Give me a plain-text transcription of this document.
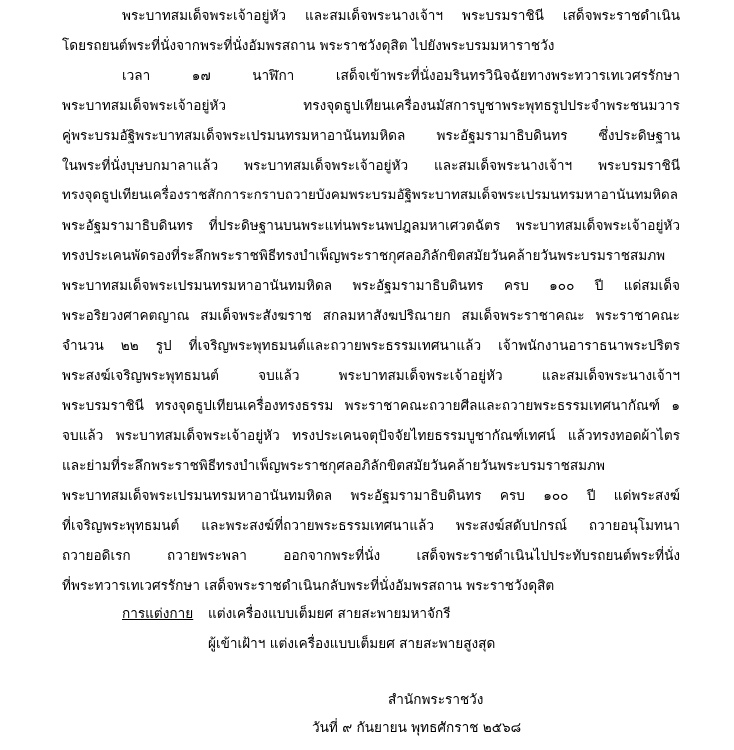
พระบาทสมเด็จพระเจ้าอยู่หัว และสมเด็จพระนางเจ้าฯ พระบรมราชินี เสด็จพระราชดำเนิน
โดยรถยนต์พระที่นั่งจากพระที่นั่งอัมพรสถาน พระราชวังดุสิต ไปยังพระบรมมหาราชวัง
เวลา ๑๗ นาฬิกา เสด็จเข้าพระที่นั่งอมรินทรวินิจฉัยทางพระทวารเทเวศรรักษา
พระบาทสมเด็จพระเจ้าอยู่หัว ทรงจุดธูปเทียนเครื่องนมัสการบูชาพระพุทธรูปประจำพระชนมวาร
คู่พระบรมอัฐิพระบาทสมเด็จพระเปรมนทรมหาอานันทมหิดล พระอัฐมรามาธิบดินทร ซึ่งประดิษฐาน
ในพระที่นั่งบุษบกมาลาแล้ว พระบาทสมเด็จพระเจ้าอยู่หัว และสมเด็จพระนางเจ้าฯ พระบรมราชินี
ทรงจุดธูปเทียนเครื่องราชสักการะกราบถวายบังคมพระบรมอัฐิพระบาทสมเด็จพระเปรมนทรมหาอานันทมหิดล
พระอัฐมรามาธิบดินทร ที่ประดิษฐานบนพระแท่นพระนพปฎลมหาเศวตฉัตร พระบาทสมเด็จพระเจ้าอยู่หัว
ทรงประเคนพัดรองที่ระลึกพระราชพิธีทรงบำเพ็ญพระราชกุศลอภิลักขิตสมัยวันคล้ายวันพระบรมราชสมภพ
พระบาทสมเด็จพระเปรมนทรมหาอานันทมหิดล พระอัฐมรามาธิบดินทร ครบ ๑๐๐ ปี แด่สมเด็จ
พระอริยวงศาคตญาณ สมเด็จพระสังฆราช สกลมหาสังฆปริณายก สมเด็จพระราชาคณะ พระราชาคณะ
จำนวน ๒๒ รูป ที่เจริญพระพุทธมนต์และถวายพระธรรมเทศนาแล้ว เจ้าพนักงานอาราธนาพระปริตร
พระสงฆ์เจริญพระพุทธมนต์ จบแล้ว พระบาทสมเด็จพระเจ้าอยู่หัว และสมเด็จพระนางเจ้าฯ
พระบรมราชินี ทรงจุดธูปเทียนเครื่องทรงธรรม พระราชาคณะถวายศีลและถวายพระธรรมเทศนากัณฑ์ ๑
จบแล้ว พระบาทสมเด็จพระเจ้าอยู่หัว ทรงประเคนจตุปัจจัยไทยธรรมบูชากัณฑ์เทศน์ แล้วทรงทอดผ้าไตร
และย่ามที่ระลึกพระราชพิธีทรงบำเพ็ญพระราชกุศลอภิลักขิตสมัยวันคล้ายวันพระบรมราชสมภพ
พระบาทสมเด็จพระเปรมนทรมหาอานันทมหิดล พระอัฐมรามาธิบดินทร ครบ ๑๐๐ ปี แด่พระสงฆ์
ที่เจริญพระพุทธมนต์ และพระสงฆ์ที่ถวายพระธรรมเทศนาแล้ว พระสงฆ์สดับปกรณ์ ถวายอนุโมทนา
ถวายอดิเรก ถวายพระพลา ออกจากพระที่นั่ง เสด็จพระราชดำเนินไปประทับรถยนต์พระที่นั่ง
ที่พระทวารเทเวศรรักษา เสด็จพระราชดำเนินกลับพระที่นั่งอัมพรสถาน พระราชวังดุสิต
การแต่งกาย แต่งเครื่องแบบเต็มยศ สายสะพายมหาจักรี
ผู้เข้าเฝ้าฯ แต่งเครื่องแบบเต็มยศ สายสะพายสูงสุด
สำนักพระราชวัง
วันที่ ๙ กันยายน พุทธศักราช ๒๕๖๘
